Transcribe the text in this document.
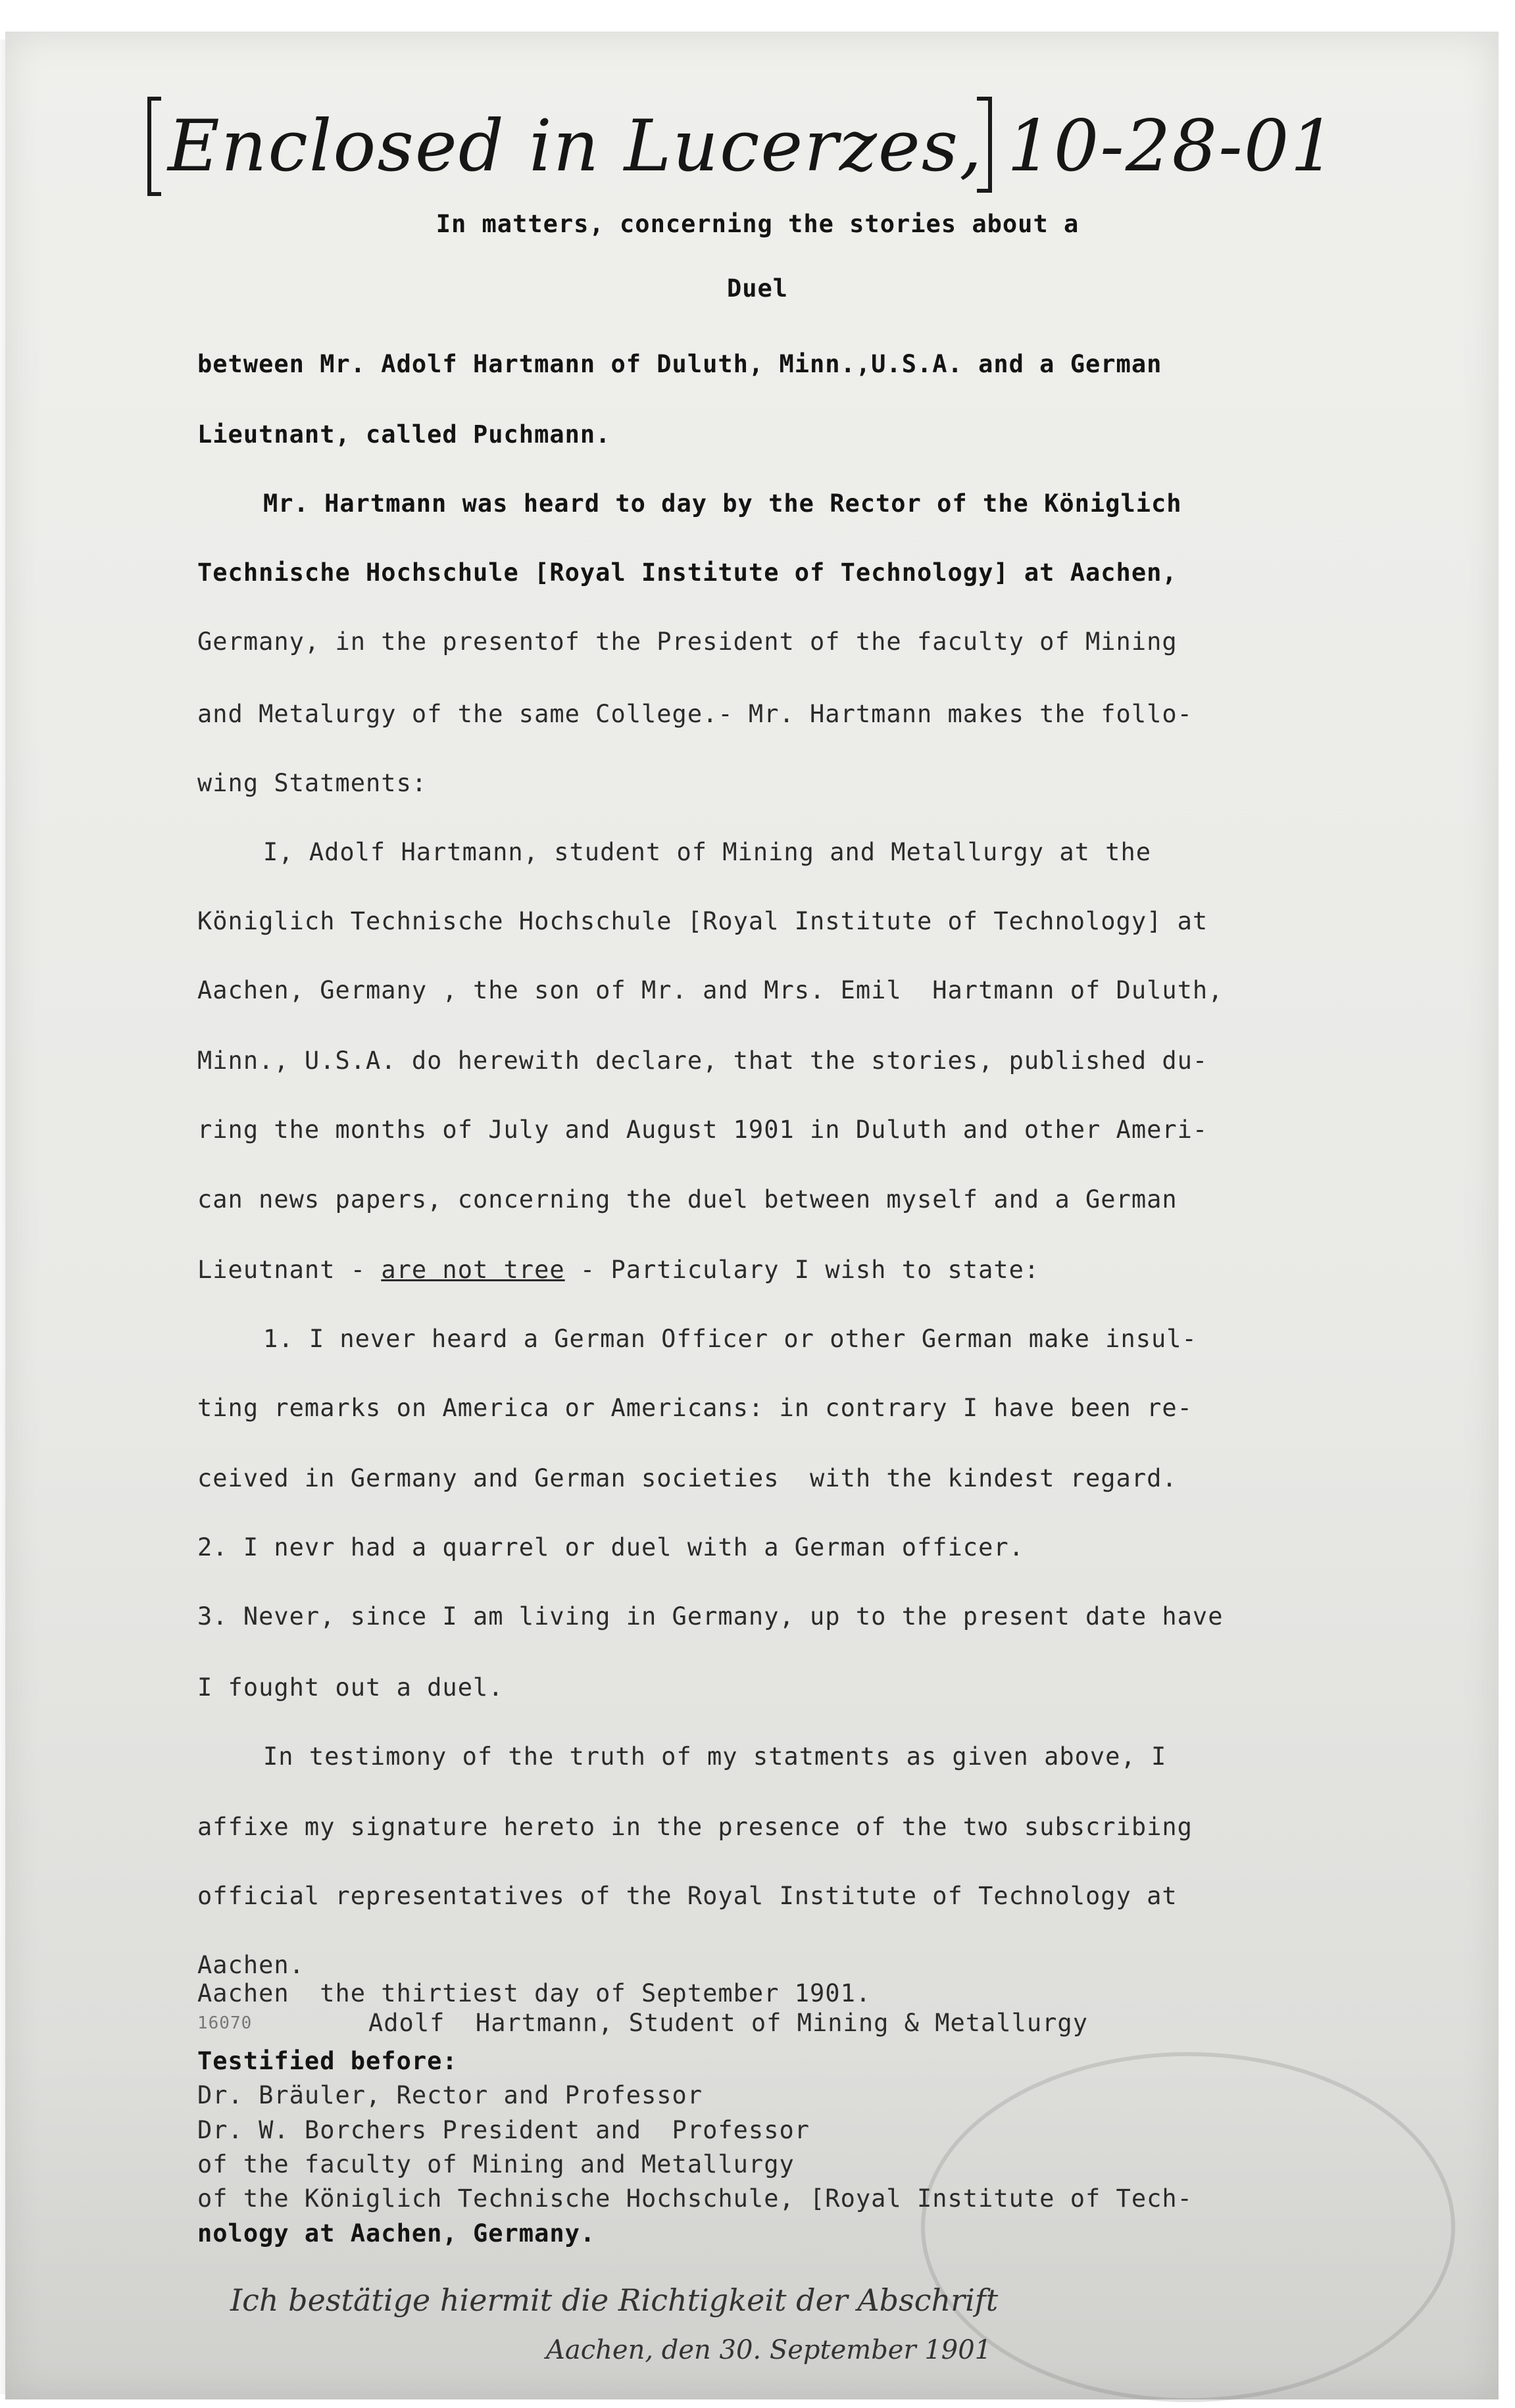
Enclosed in Lucerzes, 10-28-01
In matters, concerning the stories about a
Duel
between Mr. Adolf Hartmann of Duluth, Minn.,U.S.A. and a German
Lieutnant, called Puchmann.
Mr. Hartmann was heard to day by the Rector of the Königlich
Technische Hochschule [Royal Institute of Technology] at Aachen,
Germany, in the presentof the President of the faculty of Mining
and Metalurgy of the same College.- Mr. Hartmann makes the follo-
wing Statments:
I, Adolf Hartmann, student of Mining and Metallurgy at the
Königlich Technische Hochschule [Royal Institute of Technology] at
Aachen, Germany , the son of Mr. and Mrs. Emil  Hartmann of Duluth,
Minn., U.S.A. do herewith declare, that the stories, published du-
ring the months of July and August 1901 in Duluth and other Ameri-
can news papers, concerning the duel between myself and a German
Lieutnant - are not tree - Particulary I wish to state:
1. I never heard a German Officer or other German make insul-
ting remarks on America or Americans: in contrary I have been re-
ceived in Germany and German societies  with the kindest regard.
2. I nevr had a quarrel or duel with a German officer.
3. Never, since I am living in Germany, up to the present date have
I fought out a duel.
In testimony of the truth of my statments as given above, I
affixe my signature hereto in the presence of the two subscribing
official representatives of the Royal Institute of Technology at
Aachen.
Aachen  the thirtiest day of September 1901.
16070	Adolf  Hartmann, Student of Mining & Metallurgy
Testified before:
Dr. Bräuler, Rector and Professor
Dr. W. Borchers President and  Professor
of the faculty of Mining and Metallurgy
of the Königlich Technische Hochschule, [Royal Institute of Tech-
nology at Aachen, Germany.
Ich bestätige hiermit die Richtigkeit der Abschrift
Aachen, den 30. September 1901
